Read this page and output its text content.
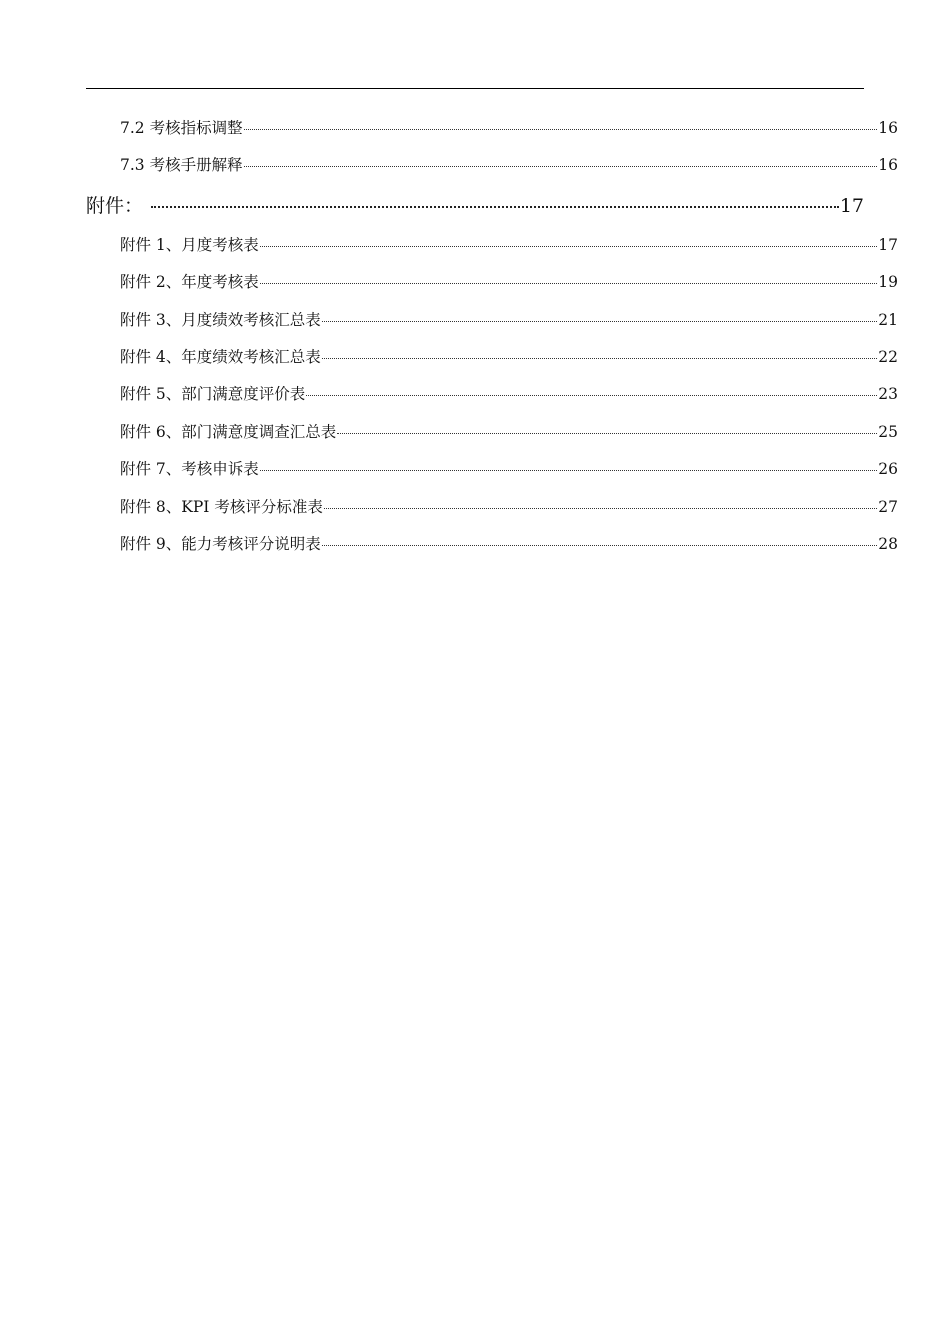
7.2 考核指标调整	16
7.3 考核手册解释	16
附件：	17
附件 1、月度考核表	17
附件 2、年度考核表	19
附件 3、月度绩效考核汇总表	21
附件 4、年度绩效考核汇总表	22
附件 5、部门满意度评价表	23
附件 6、部门满意度调查汇总表	25
附件 7、考核申诉表	26
附件 8、KPI 考核评分标准表	27
附件 9、能力考核评分说明表	28
